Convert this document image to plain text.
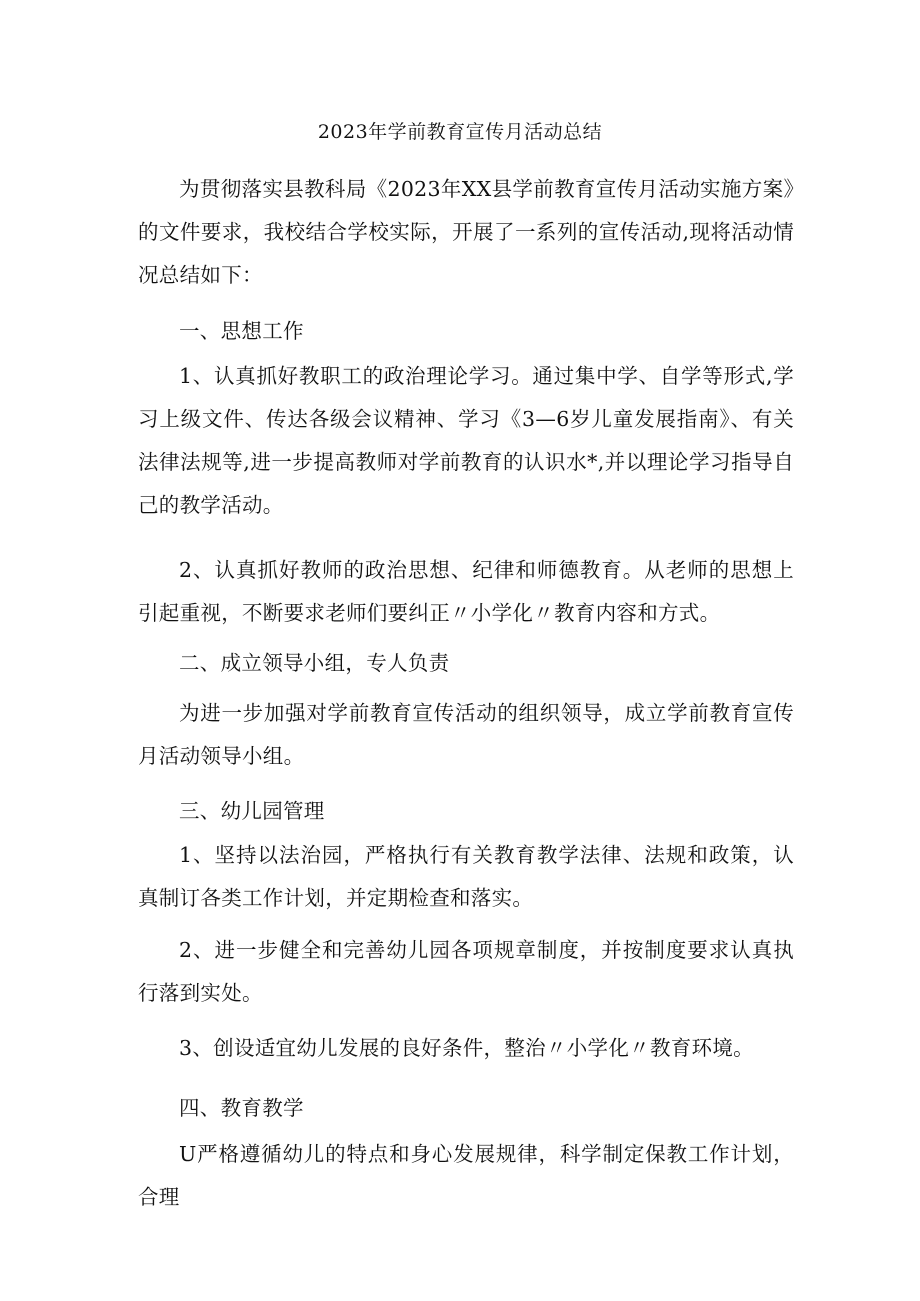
2023年学前教育宣传月活动总结
为贯彻落实县教科局《2023年XX县学前教育宣传月活动实施方案》的文件要求，我校结合学校实际，开展了一系列的宣传活动,现将活动情况总结如下：
一、思想工作
1、认真抓好教职工的政治理论学习。通过集中学、自学等形式,学习上级文件、传达各级会议精神、学习《3—6岁儿童发展指南》、有关法律法规等,进一步提高教师对学前教育的认识水*,并以理论学习指导自己的教学活动。
2、认真抓好教师的政治思想、纪律和师德教育。从老师的思想上引起重视，不断要求老师们要纠正〃小学化〃教育内容和方式。
二、成立领导小组，专人负责
为进一步加强对学前教育宣传活动的组织领导，成立学前教育宣传月活动领导小组。
三、幼儿园管理
1、坚持以法治园，严格执行有关教育教学法律、法规和政策，认真制订各类工作计划，并定期检查和落实。
2、进一步健全和完善幼儿园各项规章制度，并按制度要求认真执行落到实处。
3、创设适宜幼儿发展的良好条件，整治〃小学化〃教育环境。
四、教育教学
U严格遵循幼儿的特点和身心发展规律，科学制定保教工作计划，合理
